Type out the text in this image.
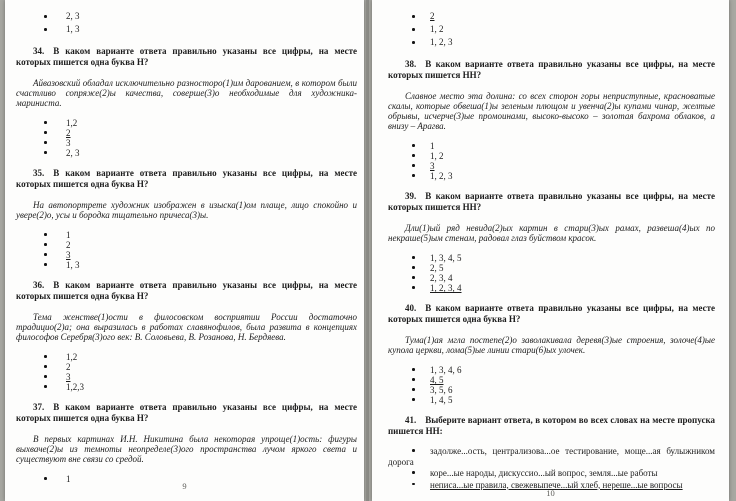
2, 3
1, 3
34. В каком варианте ответа правильно указаны все цифры, на месте которых пишется одна буква Н?
Айвазовский обладал исключительно разносторо(1)им дарованием, в котором были счастливо сопряже(2)ы качества, соверше(3)о необходимые для художника-мариниста.
1,2
2
3
2, 3
35. В каком варианте ответа правильно указаны все цифры, на месте которых пишется одна буква Н?
На автопортрете художник изображен в изыска(1)ом плаще, лицо спокойно и увере(2)о, усы и бородка тщательно причеса(3)ы.
1
2
3
1, 3
36. В каком варианте ответа правильно указаны все цифры, на месте которых пишется одна буква Н?
Тема женстве(1)ости в филосовском восприятии России достаточно традицио(2)а; она выразилась в работах славянофилов, была развита в концепциях философов Серебря(3)ого век: В. Соловьева, В. Розанова, Н. Бердяева.
1,2
2
3
1,2,3
37. В каком варианте ответа правильно указаны все цифры, на месте которых пишется одна буква Н?
В первых картинах И.Н. Никитина была некоторая упроще(1)ость: фигуры выхваче(2)ы из темноты неопределе(3)ого пространства лучом яркого света и существуют вне связи со средой.
1
9
2
1, 2
1, 2, 3
38. В каком варианте ответа правильно указаны все цифры, на месте которых пишется НН?
Славное место эта долина: со всех сторон горы неприступные, красноватые скалы, которые обвеша(1)ы зеленым плющом и увенча(2)ы купами чинар, желтые обрывы, исчерче(3)ые промоинами, высоко-высоко – золотая бахрома облаков, а внизу – Арагва.
1
1, 2
3
1, 2, 3
39. В каком варианте ответа правильно указаны все цифры, на месте которых пишется НН?
Дли(1)ый ряд невида(2)ых картин в стари(3)ых рамах, развеша(4)ых по некраше(5)ым стенам, радовал глаз буйством красок.
1, 3, 4, 5
2, 5
2, 3, 4
1, 2, 3, 4
40. В каком варианте ответа правильно указаны все цифры, на месте которых пишется одна буква Н?
Тума(1)ая мгла постепе(2)о заволакивала деревя(3)ые строения, золоче(4)ые купола церкви, лома(5)ые линии стари(6)ых улочек.
1, 3, 4, 6
4, 5
3, 5, 6
1, 4, 5
41. Выберите вариант ответа, в котором во всех словах на месте пропуска пишется НН:
задолже...ость, централизова...ое тестирование, моще...ая булыжником дорога
коре...ые народы, дискуссио...ый вопрос, земля...ые работы
неписа...ые правила, свежевыпече...ый хлеб, нереше...ые вопросы
10
